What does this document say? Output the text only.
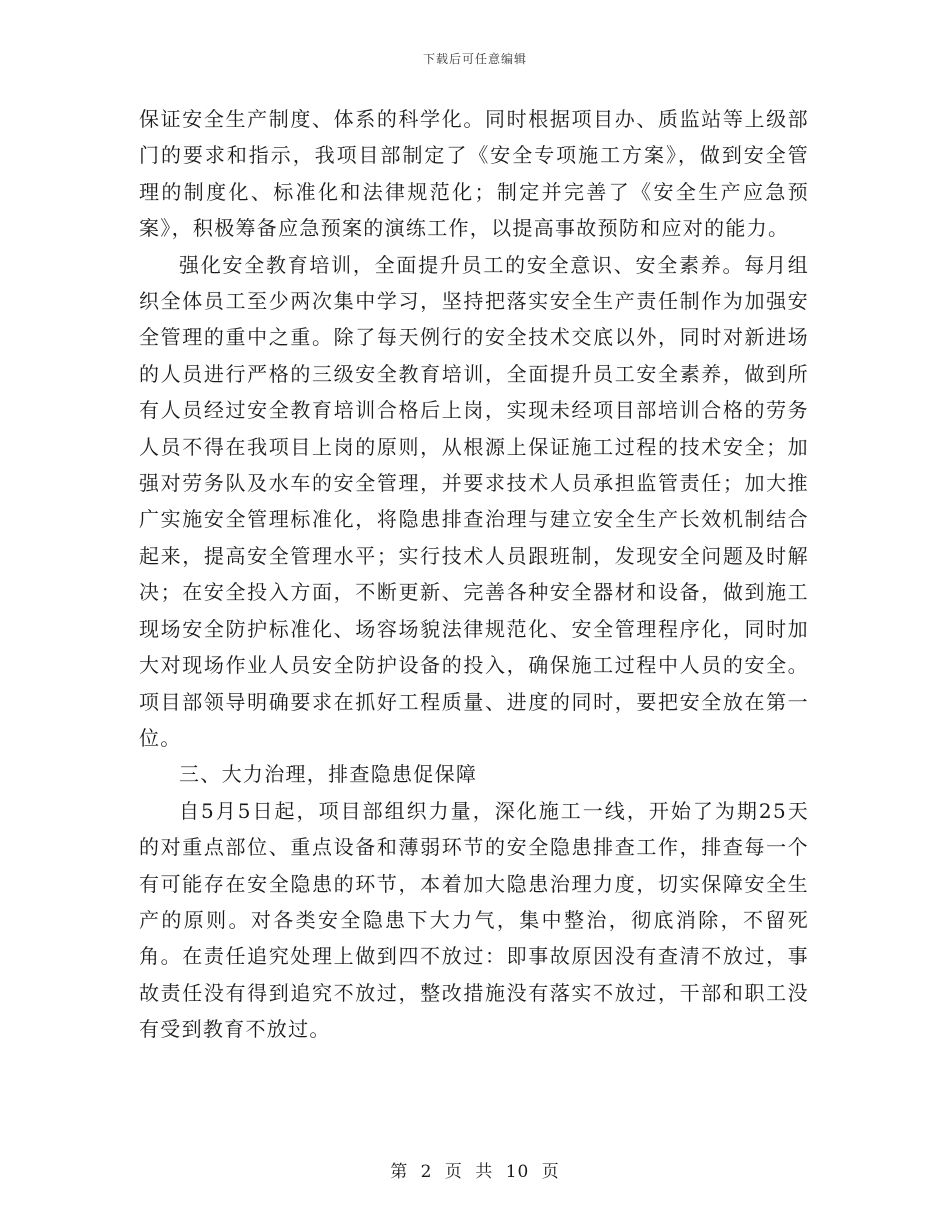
下载后可任意编辑

保证安全生产制度、体系的科学化。同时根据项目办、质监站等上级部门的要求和指示，我项目部制定了《安全专项施工方案》，做到安全管理的制度化、标准化和法律规范化；制定并完善了《安全生产应急预案》，积极筹备应急预案的演练工作，以提高事故预防和应对的能力。

强化安全教育培训，全面提升员工的安全意识、安全素养。每月组织全体员工至少两次集中学习，坚持把落实安全生产责任制作为加强安全管理的重中之重。除了每天例行的安全技术交底以外，同时对新进场的人员进行严格的三级安全教育培训，全面提升员工安全素养，做到所有人员经过安全教育培训合格后上岗，实现未经项目部培训合格的劳务人员不得在我项目上岗的原则，从根源上保证施工过程的技术安全；加强对劳务队及水车的安全管理，并要求技术人员承担监管责任；加大推广实施安全管理标准化，将隐患排查治理与建立安全生产长效机制结合起来，提高安全管理水平；实行技术人员跟班制，发现安全问题及时解决；在安全投入方面，不断更新、完善各种安全器材和设备，做到施工现场安全防护标准化、场容场貌法律规范化、安全管理程序化，同时加大对现场作业人员安全防护设备的投入，确保施工过程中人员的安全。项目部领导明确要求在抓好工程质量、进度的同时，要把安全放在第一位。

三、大力治理，排查隐患促保障

自5月5日起，项目部组织力量，深化施工一线，开始了为期25天的对重点部位、重点设备和薄弱环节的安全隐患排查工作，排查每一个有可能存在安全隐患的环节，本着加大隐患治理力度，切实保障安全生产的原则。对各类安全隐患下大力气，集中整治，彻底消除，不留死角。在责任追究处理上做到四不放过：即事故原因没有查清不放过，事故责任没有得到追究不放过，整改措施没有落实不放过，干部和职工没有受到教育不放过。

第 2 页 共 10 页
